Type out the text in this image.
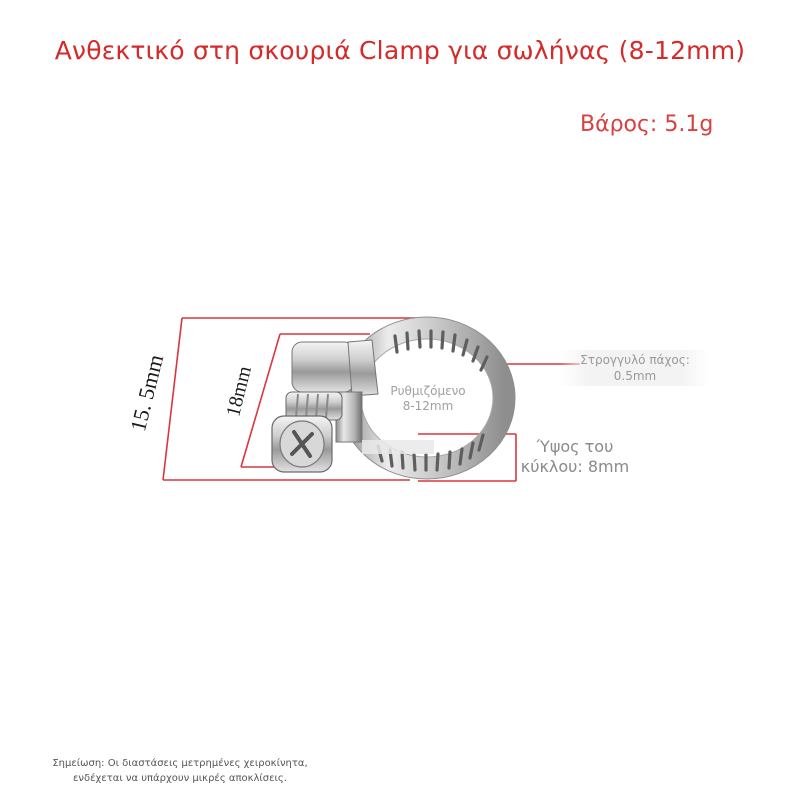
Ανθεκτικό στη σκουριά Clamp για σωλήνας (8-12mm)
Βάρος: 5.1g
15. 5mm	18mm
Στρογγυλό πάχος:
0.5mm
Ρυθμιζόμενο
8-12mm
Ύψος του
κύκλου: 8mm
Σημείωση: Οι διαστάσεις μετρημένες χειροκίνητα,
ενδέχεται να υπάρχουν μικρές αποκλίσεις.
